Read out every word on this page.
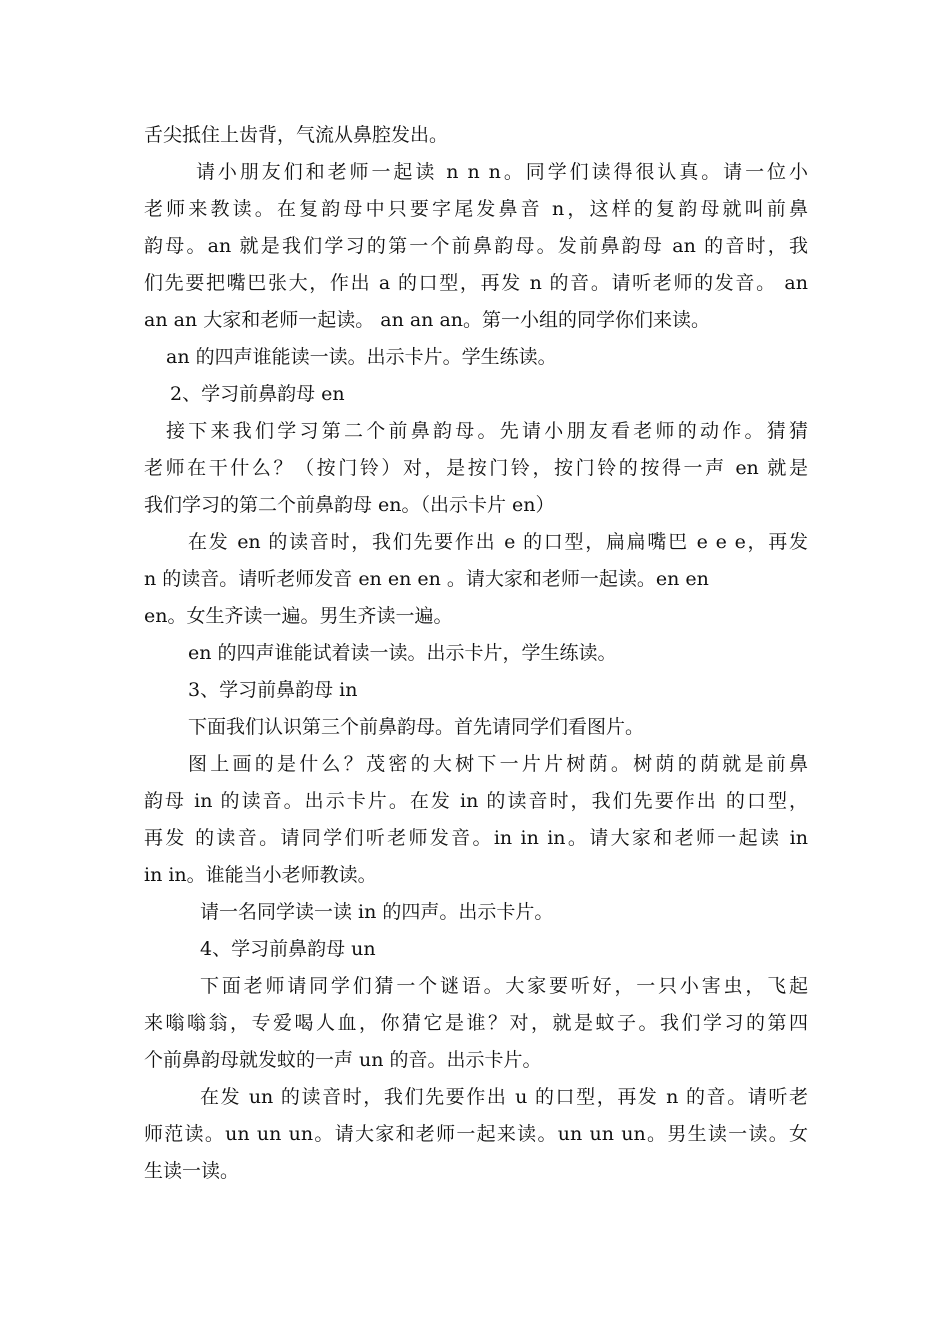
舌尖抵住上齿背，气流从鼻腔发出。
请小朋友们和老师一起读 n n n。同学们读得很认真。请一位小
老师来教读。在复韵母中只要字尾发鼻音 n，这样的复韵母就叫前鼻
韵母。an 就是我们学习的第一个前鼻韵母。发前鼻韵母 an 的音时，我
们先要把嘴巴张大，作出 a 的口型，再发 n 的音。请听老师的发音。 an
an an 大家和老师一起读。 an an an。第一小组的同学你们来读。
an 的四声谁能读一读。出示卡片。学生练读。
2、学习前鼻韵母 en
接下来我们学习第二个前鼻韵母。先请小朋友看老师的动作。猜猜
老师在干什么？（按门铃）对，是按门铃，按门铃的按得一声 en 就是
我们学习的第二个前鼻韵母 en。（出示卡片 en）
在发 en 的读音时，我们先要作出 e 的口型，扁扁嘴巴 e e e，再发
n 的读音。请听老师发音 en en en 。请大家和老师一起读。en en
en。女生齐读一遍。男生齐读一遍。
en 的四声谁能试着读一读。出示卡片，学生练读。
3、学习前鼻韵母 in
下面我们认识第三个前鼻韵母。首先请同学们看图片。
图上画的是什么？茂密的大树下一片片树荫。树荫的荫就是前鼻
韵母 in 的读音。出示卡片。在发 in 的读音时，我们先要作出 的口型，
再发 的读音。请同学们听老师发音。in in in。请大家和老师一起读 in
in in。谁能当小老师教读。
请一名同学读一读 in 的四声。出示卡片。
4、学习前鼻韵母 un
下面老师请同学们猜一个谜语。大家要听好，一只小害虫，飞起
来嗡嗡翁，专爱喝人血，你猜它是谁？对，就是蚊子。我们学习的第四
个前鼻韵母就发蚊的一声 un 的音。出示卡片。
在发 un 的读音时，我们先要作出 u 的口型，再发 n 的音。请听老
师范读。un un un。请大家和老师一起来读。un un un。男生读一读。女
生读一读。
